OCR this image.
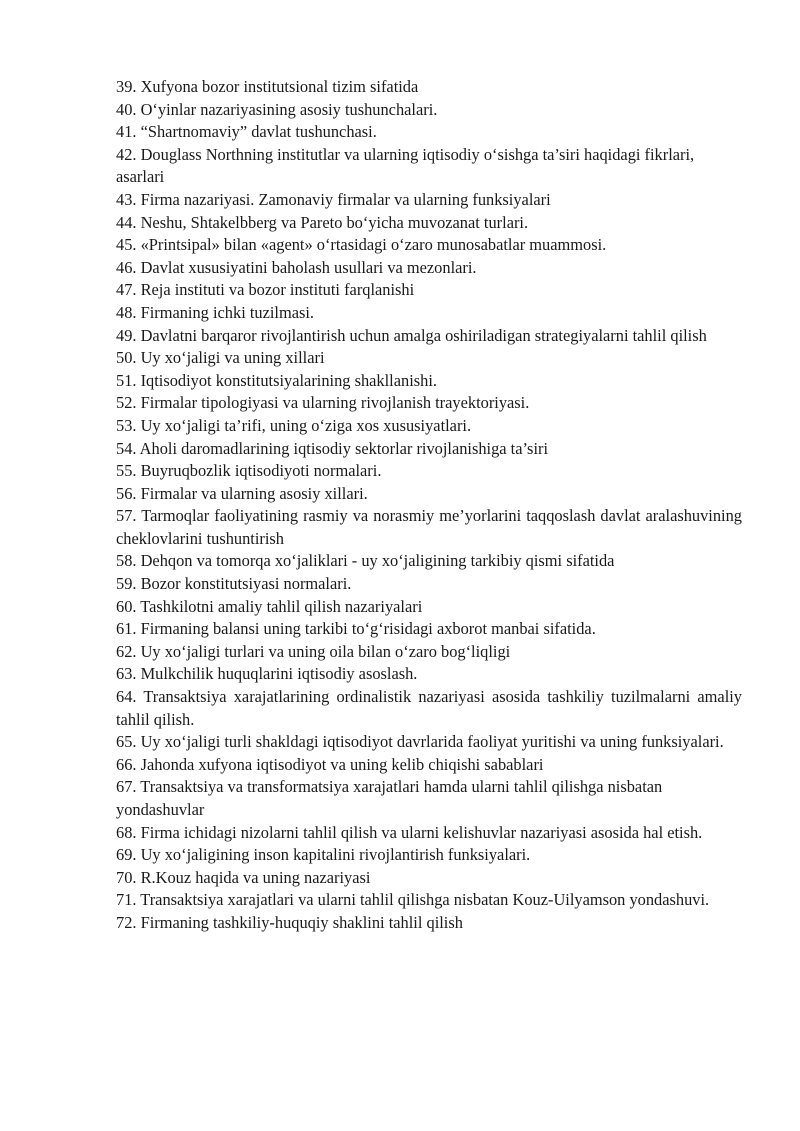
39. Xufyona bozor institutsional tizim sifatida

40. O‘yinlar nazariyasining asosiy tushunchalari.

41. “Shartnomaviy” davlat tushunchasi.

42. Douglass Northning institutlar va ularning iqtisodiy o‘sishga ta’siri haqidagi fikrlari, asarlari

43. Firma nazariyasi. Zamonaviy firmalar va ularning funksiyalari

44. Neshu, Shtakelbberg va Pareto bo‘yicha muvozanat turlari.

45. «Printsipal» bilan «agent» o‘rtasidagi o‘zaro munosabatlar muammosi.

46. Davlat xususiyatini baholash usullari va mezonlari.

47. Reja instituti va bozor instituti farqlanishi

48. Firmaning ichki tuzilmasi.

49. Davlatni barqaror rivojlantirish uchun amalga oshiriladigan strategiyalarni tahlil qilish

50. Uy xo‘jaligi va uning xillari

51. Iqtisodiyot konstitutsiyalarining shakllanishi.

52. Firmalar tipologiyasi va ularning rivojlanish trayektoriyasi.

53. Uy xo‘jaligi ta’rifi, uning o‘ziga xos xususiyatlari.

54. Aholi daromadlarining iqtisodiy sektorlar rivojlanishiga ta’siri

55. Buyruqbozlik iqtisodiyoti normalari.

56. Firmalar va ularning asosiy xillari.

57. Tarmoqlar faoliyatining rasmiy va norasmiy me’yorlarini taqqoslash davlat aralashuvining cheklovlarini tushuntirish

58. Dehqon va tomorqa xo‘jaliklari - uy xo‘jaligining tarkibiy qismi sifatida

59. Bozor konstitutsiyasi normalari.

60. Tashkilotni amaliy tahlil qilish nazariyalari

61. Firmaning balansi uning tarkibi to‘g‘risidagi axborot manbai sifatida.

62. Uy xo‘jaligi turlari va uning oila bilan o‘zaro bog‘liqligi

63. Mulkchilik huquqlarini iqtisodiy asoslash.

64. Transaktsiya xarajatlarining ordinalistik nazariyasi asosida tashkiliy tuzilmalarni amaliy tahlil qilish.

65. Uy xo‘jaligi turli shakldagi iqtisodiyot davrlarida faoliyat yuritishi va uning funksiyalari.

66. Jahonda xufyona iqtisodiyot va uning kelib chiqishi sabablari

67. Transaktsiya va transformatsiya xarajatlari hamda ularni tahlil qilishga nisbatan yondashuvlar

68. Firma ichidagi nizolarni tahlil qilish va ularni kelishuvlar nazariyasi asosida hal etish.

69. Uy xo‘jaligining inson kapitalini rivojlantirish funksiyalari.

70. R.Kouz haqida va uning nazariyasi

71. Transaktsiya xarajatlari va ularni tahlil qilishga nisbatan Kouz-Uilyamson yondashuvi.

72. Firmaning tashkiliy-huquqiy shaklini tahlil qilish
